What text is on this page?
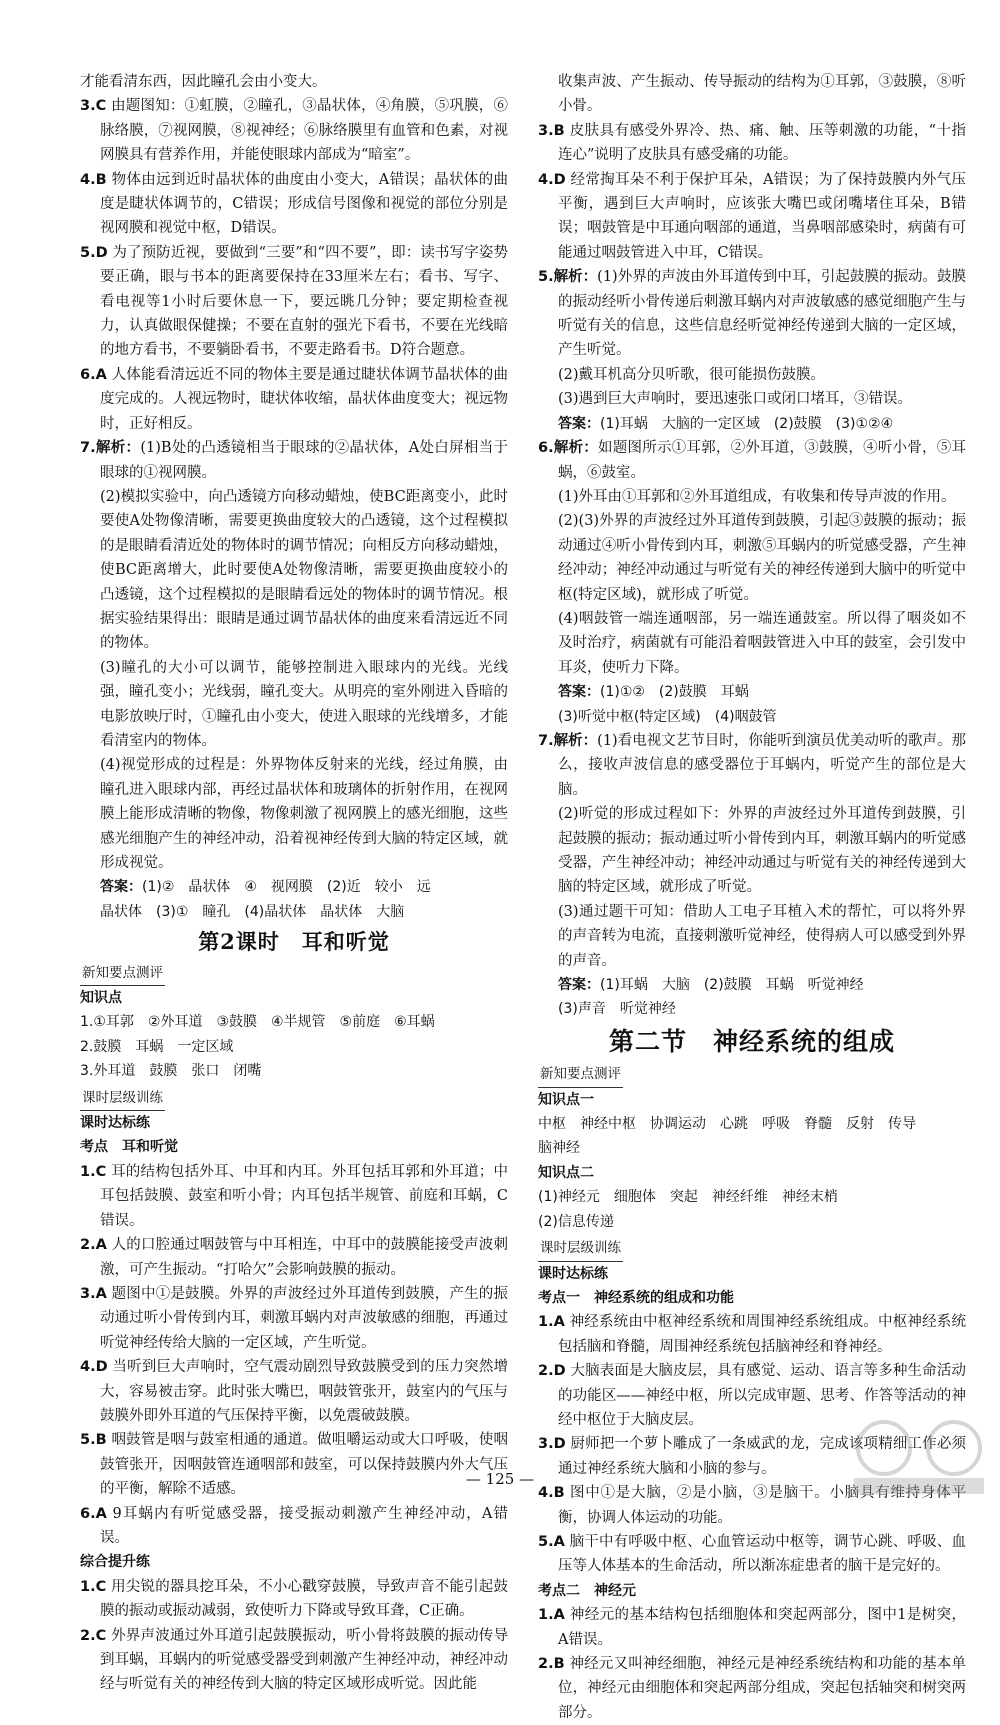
才能看清东西，因此瞳孔会由小变大。

3.C 由题图知：①虹膜，②瞳孔，③晶状体，④角膜，⑤巩膜，⑥脉络膜，⑦视网膜，⑧视神经；⑥脉络膜里有血管和色素，对视网膜具有营养作用，并能使眼球内部成为“暗室”。

4.B 物体由远到近时晶状体的曲度由小变大，A错误；晶状体的曲度是睫状体调节的，C错误；形成信号图像和视觉的部位分别是视网膜和视觉中枢，D错误。

5.D 为了预防近视，要做到“三要”和“四不要”，即：读书写字姿势要正确，眼与书本的距离要保持在33厘米左右；看书、写字、看电视等1小时后要休息一下，要远眺几分钟；要定期检查视力，认真做眼保健操；不要在直射的强光下看书，不要在光线暗的地方看书，不要躺卧看书，不要走路看书。D符合题意。

6.A 人体能看清远近不同的物体主要是通过睫状体调节晶状体的曲度完成的。人视远物时，睫状体收缩，晶状体曲度变大；视远物时，正好相反。

7.解析：(1)B处的凸透镜相当于眼球的②晶状体，A处白屏相当于眼球的①视网膜。

(2)模拟实验中，向凸透镜方向移动蜡烛，使BC距离变小，此时要使A处物像清晰，需要更换曲度较大的凸透镜，这个过程模拟的是眼睛看清近处的物体时的调节情况；向相反方向移动蜡烛，使BC距离增大，此时要使A处物像清晰，需要更换曲度较小的凸透镜，这个过程模拟的是眼睛看远处的物体时的调节情况。根据实验结果得出：眼睛是通过调节晶状体的曲度来看清远近不同的物体。

(3)瞳孔的大小可以调节，能够控制进入眼球内的光线。光线强，瞳孔变小；光线弱，瞳孔变大。从明亮的室外刚进入昏暗的电影放映厅时，①瞳孔由小变大，使进入眼球的光线增多，才能看清室内的物体。

(4)视觉形成的过程是：外界物体反射来的光线，经过角膜，由瞳孔进入眼球内部，再经过晶状体和玻璃体的折射作用，在视网膜上能形成清晰的物像，物像刺激了视网膜上的感光细胞，这些感光细胞产生的神经冲动，沿着视神经传到大脑的特定区域，就形成视觉。

答案：(1)②　晶状体　④　视网膜　(2)近　较小　远

晶状体　(3)①　瞳孔　(4)晶状体　晶状体　大脑

第2课时　耳和听觉
新知要点测评

知识点

1.①耳郭　②外耳道　③鼓膜　④半规管　⑤前庭　⑥耳蜗

2.鼓膜　耳蜗　一定区域

3.外耳道　鼓膜　张口　闭嘴

课时层级训练

课时达标练

考点　耳和听觉

1.C 耳的结构包括外耳、中耳和内耳。外耳包括耳郭和外耳道；中耳包括鼓膜、鼓室和听小骨；内耳包括半规管、前庭和耳蜗，C错误。

2.A 人的口腔通过咽鼓管与中耳相连，中耳中的鼓膜能接受声波刺激，可产生振动。“打哈欠”会影响鼓膜的振动。

3.A 题图中①是鼓膜。外界的声波经过外耳道传到鼓膜，产生的振动通过听小骨传到内耳，刺激耳蜗内对声波敏感的细胞，再通过听觉神经传给大脑的一定区域，产生听觉。

4.D 当听到巨大声响时，空气震动剧烈导致鼓膜受到的压力突然增大，容易被击穿。此时张大嘴巴，咽鼓管张开，鼓室内的气压与鼓膜外即外耳道的气压保持平衡，以免震破鼓膜。

5.B 咽鼓管是咽与鼓室相通的通道。做咀嚼运动或大口呼吸，使咽鼓管张开，因咽鼓管连通咽部和鼓室，可以保持鼓膜内外大气压的平衡，解除不适感。

6.A 9耳蜗内有听觉感受器，接受振动刺激产生神经冲动，A错误。

综合提升练

1.C 用尖锐的器具挖耳朵，不小心戳穿鼓膜，导致声音不能引起鼓膜的振动或振动减弱，致使听力下降或导致耳聋，C正确。

2.C 外界声波通过外耳道引起鼓膜振动，听小骨将鼓膜的振动传导到耳蜗，耳蜗内的听觉感受器受到刺激产生神经冲动，神经冲动经与听觉有关的神经传到大脑的特定区域形成听觉。因此能

收集声波、产生振动、传导振动的结构为①耳郭，③鼓膜，⑧听小骨。

3.B 皮肤具有感受外界冷、热、痛、触、压等刺激的功能，“十指连心”说明了皮肤具有感受痛的功能。

4.D 经常掏耳朵不利于保护耳朵，A错误；为了保持鼓膜内外气压平衡，遇到巨大声响时，应该张大嘴巴或闭嘴堵住耳朵，B错误；咽鼓管是中耳通向咽部的通道，当鼻咽部感染时，病菌有可能通过咽鼓管进入中耳，C错误。

5.解析：(1)外界的声波由外耳道传到中耳，引起鼓膜的振动。鼓膜的振动经听小骨传递后刺激耳蜗内对声波敏感的感觉细胞产生与听觉有关的信息，这些信息经听觉神经传递到大脑的一定区域，产生听觉。

(2)戴耳机高分贝听歌，很可能损伤鼓膜。

(3)遇到巨大声响时，要迅速张口或闭口堵耳，③错误。

答案：(1)耳蜗　大脑的一定区域　(2)鼓膜　(3)①②④

6.解析：如题图所示①耳郭，②外耳道，③鼓膜，④听小骨，⑤耳蜗，⑥鼓室。

(1)外耳由①耳郭和②外耳道组成，有收集和传导声波的作用。

(2)(3)外界的声波经过外耳道传到鼓膜，引起③鼓膜的振动；振动通过④听小骨传到内耳，刺激⑤耳蜗内的听觉感受器，产生神经冲动；神经冲动通过与听觉有关的神经传递到大脑中的听觉中枢(特定区域)，就形成了听觉。

(4)咽鼓管一端连通咽部，另一端连通鼓室。所以得了咽炎如不及时治疗，病菌就有可能沿着咽鼓管进入中耳的鼓室，会引发中耳炎，使听力下降。

答案：(1)①②　(2)鼓膜　耳蜗

(3)听觉中枢(特定区域)　(4)咽鼓管

7.解析：(1)看电视文艺节目时，你能听到演员优美动听的歌声。那么，接收声波信息的感受器位于耳蜗内，听觉产生的部位是大脑。

(2)听觉的形成过程如下：外界的声波经过外耳道传到鼓膜，引起鼓膜的振动；振动通过听小骨传到内耳，刺激耳蜗内的听觉感受器，产生神经冲动；神经冲动通过与听觉有关的神经传递到大脑的特定区域，就形成了听觉。

(3)通过题干可知：借助人工电子耳植入术的帮忙，可以将外界的声音转为电流，直接刺激听觉神经，使得病人可以感受到外界的声音。

答案：(1)耳蜗　大脑　(2)鼓膜　耳蜗　听觉神经

(3)声音　听觉神经

第二节　神经系统的组成
新知要点测评

知识点一

中枢　神经中枢　协调运动　心跳　呼吸　脊髓　反射　传导

脑神经

知识点二

(1)神经元　细胞体　突起　神经纤维　神经末梢

(2)信息传递

课时层级训练

课时达标练

考点一　神经系统的组成和功能

1.A 神经系统由中枢神经系统和周围神经系统组成。中枢神经系统包括脑和脊髓，周围神经系统包括脑神经和脊神经。

2.D 大脑表面是大脑皮层，具有感觉、运动、语言等多种生命活动的功能区——神经中枢，所以完成审题、思考、作答等活动的神经中枢位于大脑皮层。

3.D 厨师把一个萝卜雕成了一条威武的龙，完成该项精细工作必须通过神经系统大脑和小脑的参与。

4.B 图中①是大脑，②是小脑，③是脑干。小脑具有维持身体平衡，协调人体运动的功能。

5.A 脑干中有呼吸中枢、心血管运动中枢等，调节心跳、呼吸、血压等人体基本的生命活动，所以渐冻症患者的脑干是完好的。

考点二　神经元

1.A 神经元的基本结构包括细胞体和突起两部分，图中1是树突，A错误。

2.B 神经元又叫神经细胞，神经元是神经系统结构和功能的基本单位，神经元由细胞体和突起两部分组成，突起包括轴突和树突两部分。

— 125 —
